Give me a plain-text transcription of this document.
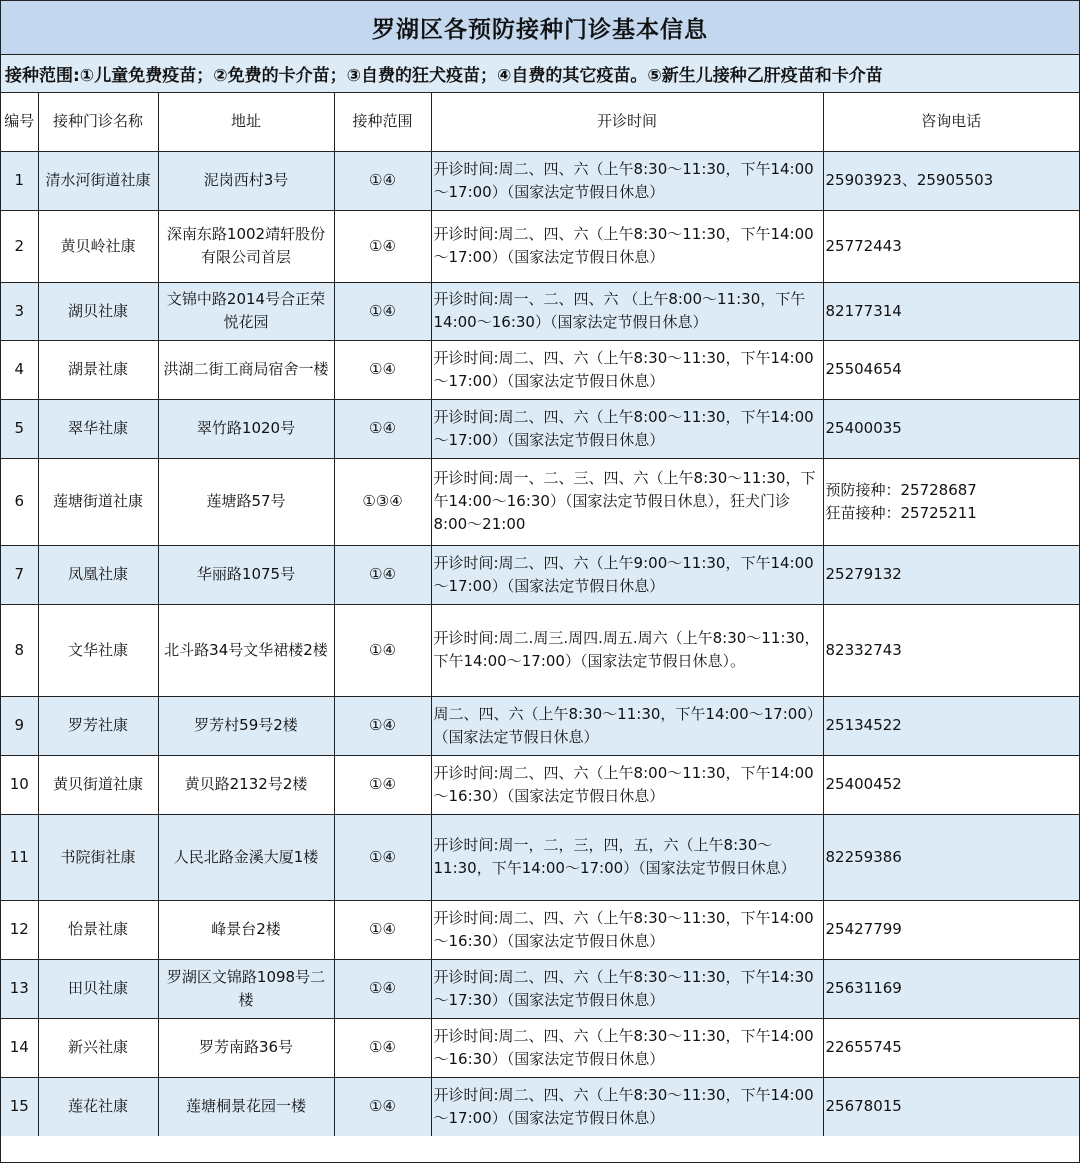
罗湖区各预防接种门诊基本信息
接种范围:①儿童免费疫苗；②免费的卡介苗；③自费的狂犬疫苗；④自费的其它疫苗。⑤新生儿接种乙肝疫苗和卡介苗
编号	接种门诊名称	地址	接种范围	开诊时间	咨询电话
1	清水河街道社康	泥岗西村3号	①④	开诊时间:周二、四、六（上午8:30～11:30，下午14:00～17:00）（国家法定节假日休息）	25903923、25905503
2	黄贝岭社康	深南东路1002靖轩股份有限公司首层	①④	开诊时间:周二、四、六（上午8:30～11:30，下午14:00～17:00）（国家法定节假日休息）	25772443
3	湖贝社康	文锦中路2014号合正荣悦花园	①④	开诊时间:周一、二、四、六 （上午8:00～11:30，下午14:00～16:30）（国家法定节假日休息）	82177314
4	湖景社康	洪湖二街工商局宿舍一楼	①④	开诊时间:周二、四、六（上午8:30～11:30，下午14:00～17:00）（国家法定节假日休息）	25504654
5	翠华社康	翠竹路1020号	①④	开诊时间:周二、四、六（上午8:00～11:30，下午14:00～17:00）（国家法定节假日休息）	25400035
6	莲塘街道社康	莲塘路57号	①③④	开诊时间:周一、二、三、四、六（上午8:30～11:30，下午14:00～16:30）（国家法定节假日休息），狂犬门诊8:00～21:00	预防接种：25728687
狂苗接种：25725211

7	凤凰社康	华丽路1075号	①④	开诊时间:周二、四、六（上午9:00～11:30，下午14:00～17:00）（国家法定节假日休息）	25279132
8	文华社康	北斗路34号文华裙楼2楼	①④	开诊时间:周二.周三.周四.周五.周六（上午8:30～11:30，下午14:00～17:00）（国家法定节假日休息）。	82332743
9	罗芳社康	罗芳村59号2楼	①④	周二、四、六（上午8:30～11:30，下午14:00～17:00）（国家法定节假日休息）	25134522
10	黄贝街道社康	黄贝路2132号2楼	①④	开诊时间:周二、四、六（上午8:00～11:30，下午14:00～16:30）（国家法定节假日休息）	25400452
11	书院街社康	人民北路金溪大厦1楼	①④	开诊时间:周一，二，三，四，五，六（上午8:30～11:30，下午14:00～17:00）（国家法定节假日休息）	82259386
12	怡景社康	峰景台2楼	①④	开诊时间:周二、四、六（上午8:30～11:30，下午14:00～16:30）（国家法定节假日休息）	25427799
13	田贝社康	罗湖区文锦路1098号二楼	①④	开诊时间:周二、四、六（上午8:30～11:30，下午14:30～17:30）（国家法定节假日休息）	25631169
14	新兴社康	罗芳南路36号	①④	开诊时间:周二、四、六（上午8:30～11:30，下午14:00～16:30）（国家法定节假日休息）	22655745
15	莲花社康	莲塘桐景花园一楼	①④	开诊时间:周二、四、六（上午8:30～11:30，下午14:00～17:00）（国家法定节假日休息）	25678015
